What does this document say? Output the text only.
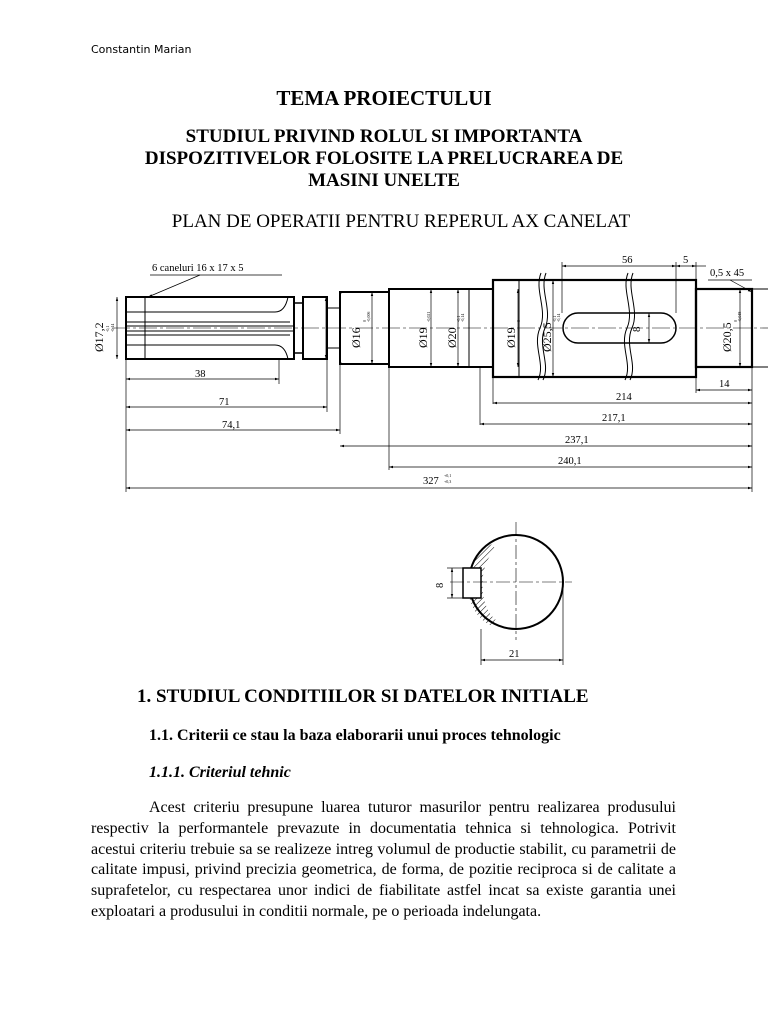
Constantin Marian
TEMA PROIECTULUI
STUDIUL PRIVIND ROLUL SI IMPORTANTA DISPOZITIVELOR FOLOSITE LA PRELUCRAREA DE MASINI UNELTE
PLAN DE OPERATII PENTRU REPERUL AX CANELAT
Ø17,2	Ø16	Ø19 Ø20	Ø19 Ø25,5	Ø20,5
8
-0,1 -0,14
0 -0,006	-0,021	-0,1 -0,14	0	-0,1 -0,14	0 -0,048
+0,1
+0,3
6 caneluri 16 x 17 x 5	0,5 x 45
56	5
38
71
74,1
214
217,1
237,1
240,1
327
14
8
21
1. STUDIUL CONDITIILOR SI DATELOR INITIALE
1.1. Criterii ce stau la baza elaborarii unui proces tehnologic
1.1.1. Criteriul tehnic
Acest criteriu presupune luarea tuturor masurilor pentru realizarea produsului respectiv la performantele prevazute in documentatia tehnica si tehnologica. Potrivit acestui criteriu trebuie sa se realizeze intreg volumul de productie stabilit, cu parametrii de calitate impusi, privind precizia geometrica, de forma, de pozitie reciproca si de calitate a suprafetelor, cu respectarea unor indici de fiabilitate astfel incat sa existe garantia unei exploatari a produsului in conditii normale, pe o perioada indelungata.
